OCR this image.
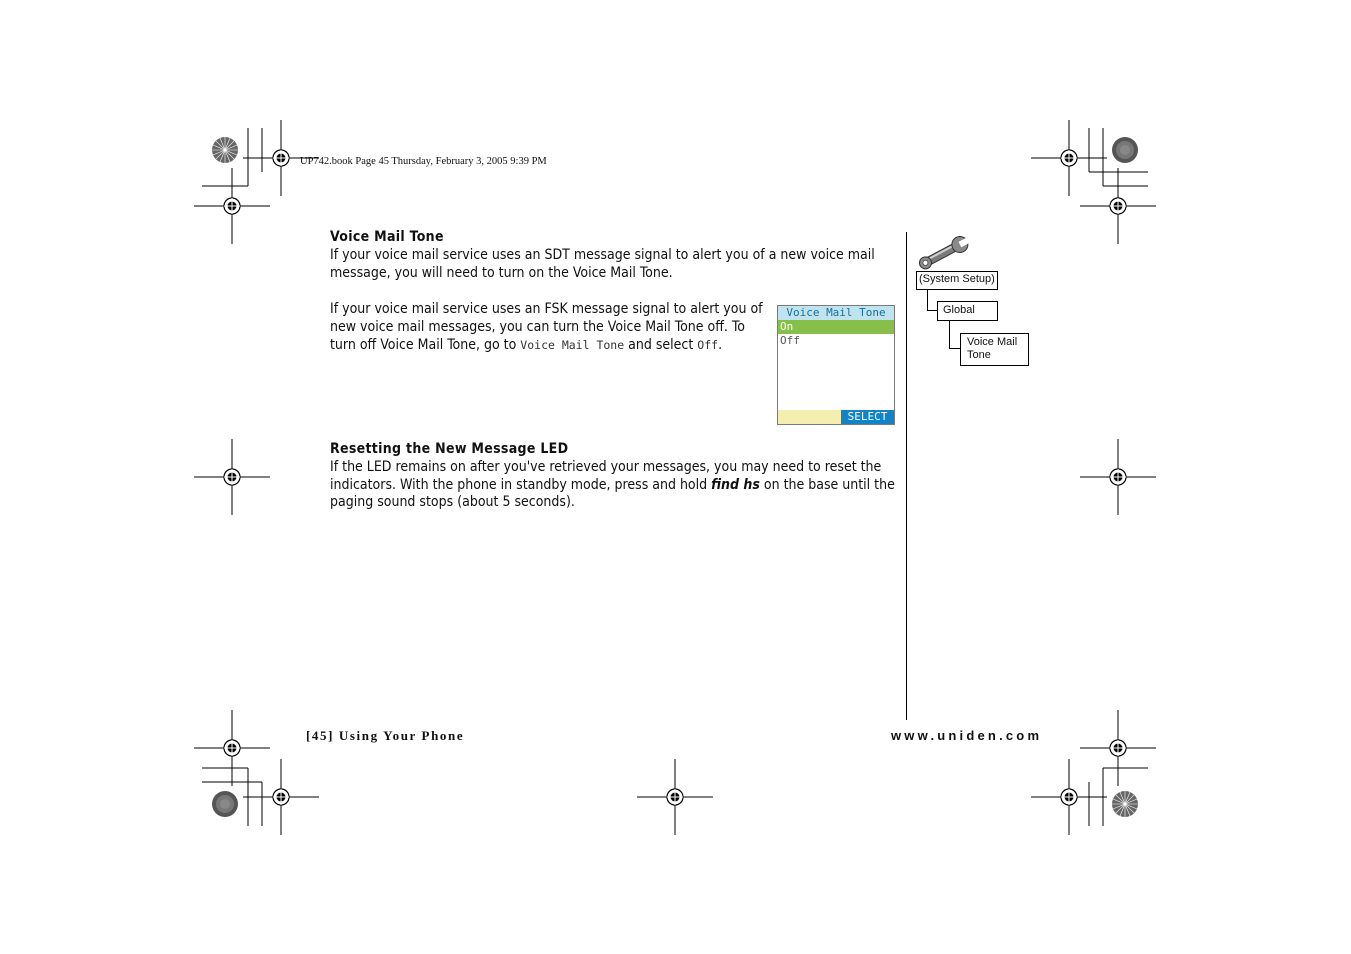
UP742.book Page 45 Thursday, February 3, 2005 9:39 PM
Voice Mail Tone
If your voice mail service uses an SDT message signal to alert you of a new voice mail message, you will need to turn on the Voice Mail Tone.
If your voice mail service uses an FSK message signal to alert you of new voice mail messages, you can turn the Voice Mail Tone off. To turn off Voice Mail Tone, go to Voice Mail Tone and select Off.
Voice Mail Tone
On
Off
SELECT
(System Setup)
Global
Voice Mail
Tone
Resetting the New Message LED
If the LED remains on after you've retrieved your messages, you may need to reset the indicators. With the phone in standby mode, press and hold find hs on the base until the paging sound stops (about 5 seconds).
[45] Using Your Phone	www.uniden.com
